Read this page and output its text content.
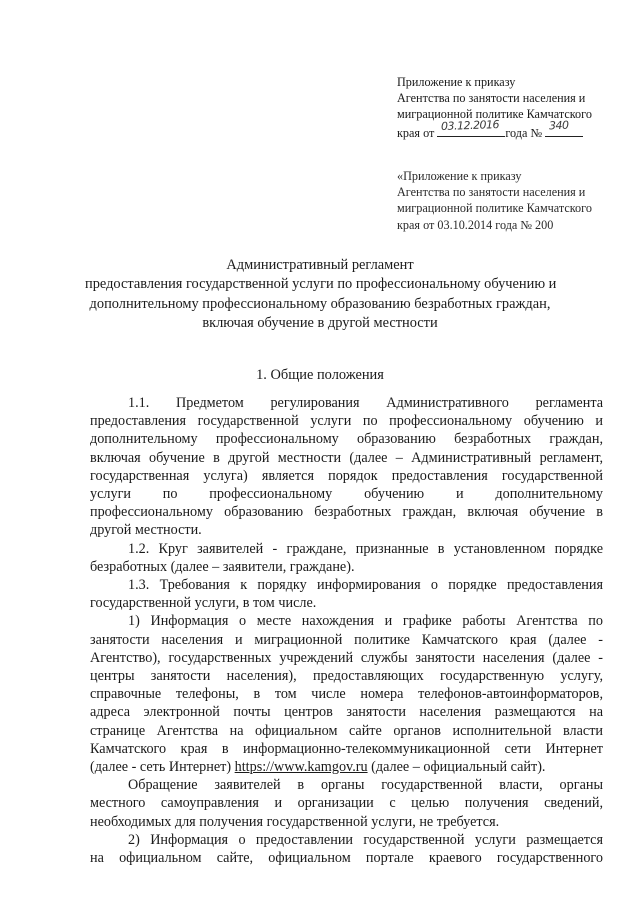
Приложение к приказу
Агентства по занятости населения и
миграционной политике Камчатского
края от 03.12.2016 года № 340
«Приложение к приказу
Агентства по занятости населения и
миграционной политике Камчатского
края от 03.10.2014 года № 200
Административный регламент
предоставления государственной услуги по профессиональному обучению и
дополнительному профессиональному образованию безработных граждан,
включая обучение в другой местности
1. Общие положения
1.1. Предметом регулирования Административного регламента
предоставления государственной услуги по профессиональному обучению и
дополнительному профессиональному образованию безработных граждан,
включая обучение в другой местности (далее – Административный регламент,
государственная услуга) является порядок предоставления государственной
услуги по профессиональному обучению и дополнительному
профессиональному образованию безработных граждан, включая обучение в
другой местности.
1.2. Круг заявителей - граждане, признанные в установленном порядке
безработных (далее – заявители, граждане).
1.3. Требования к порядку информирования о порядке предоставления
государственной услуги, в том числе.
1) Информация о месте нахождения и графике работы Агентства по
занятости населения и миграционной политике Камчатского края (далее -
Агентство), государственных учреждений службы занятости населения (далее -
центры занятости населения), предоставляющих государственную услугу,
справочные телефоны, в том числе номера телефонов-автоинформаторов,
адреса электронной почты центров занятости населения размещаются на
странице Агентства на официальном сайте органов исполнительной власти
Камчатского края в информационно-телекоммуникационной сети Интернет
(далее - сеть Интернет) https://www.kamgov.ru (далее – официальный сайт).
Обращение заявителей в органы государственной власти, органы
местного самоуправления и организации с целью получения сведений,
необходимых для получения государственной услуги, не требуется.
2) Информация о предоставлении государственной услуги размещается
на официальном сайте, официальном портале краевого государственного
